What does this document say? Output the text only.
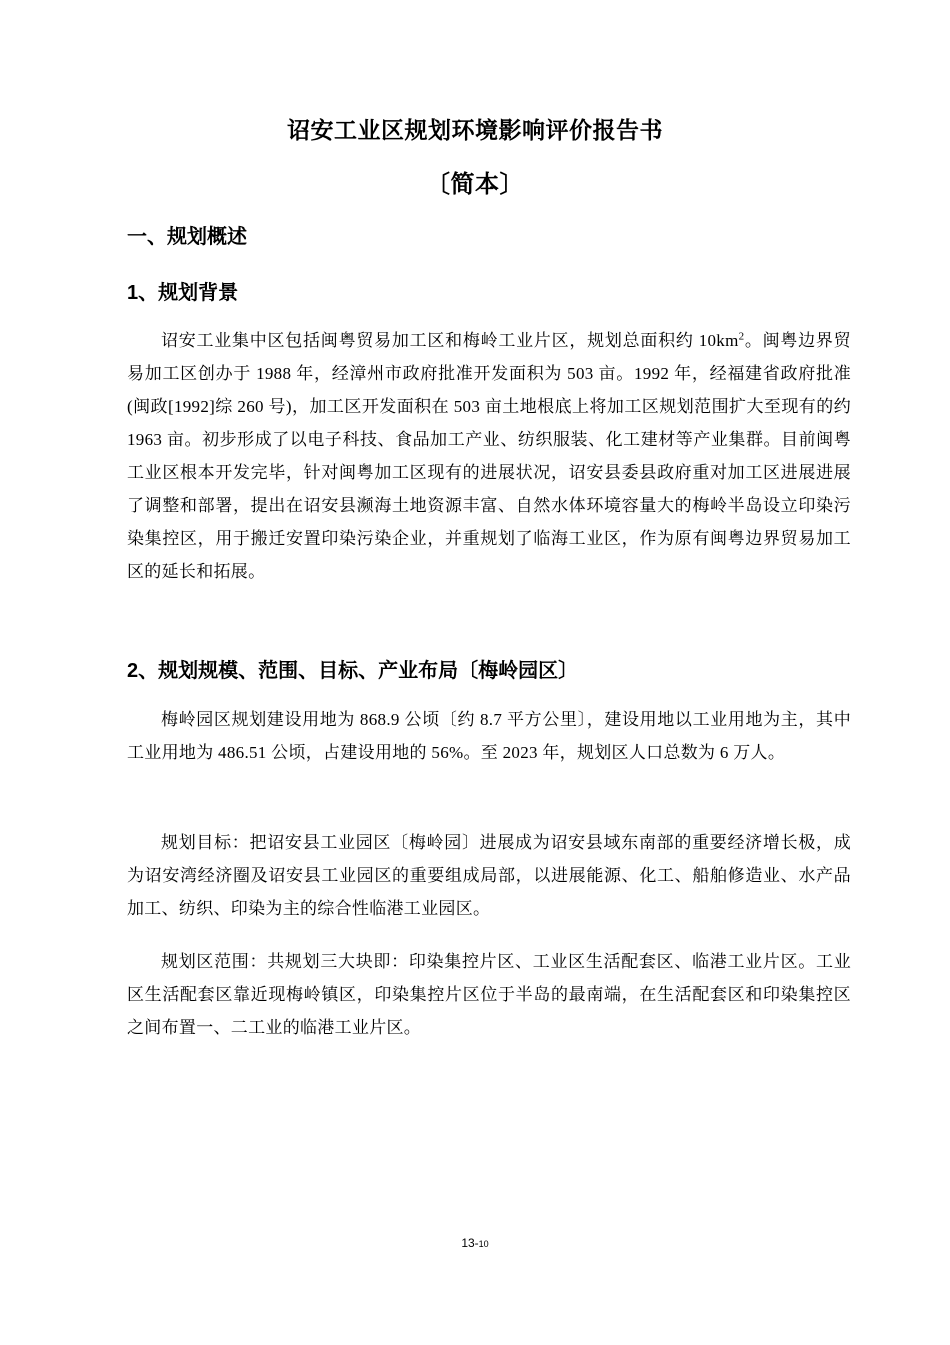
诏安工业区规划环境影响评价报告书
〔简本〕
一、规划概述
1、规划背景

诏安工业集中区包括闽粤贸易加工区和梅岭工业片区，规划总面积约 $10km^2$。闽粤边界贸易加工区创办于 1988 年，经漳州市政府批准开发面积为 503 亩。1992 年，经福建省政府批准(闽政[1992]综 260 号)，加工区开发面积在 503 亩土地根底上将加工区规划范围扩大至现有的约 1963 亩。初步形成了以电子科技、食品加工产业、纺织服装、化工建材等产业集群。目前闽粤工业区根本开发完毕，针对闽粤加工区现有的进展状况，诏安县委县政府重对加工区进展进展了调整和部署，提出在诏安县濒海土地资源丰富、自然水体环境容量大的梅岭半岛设立印染污染集控区，用于搬迁安置印染污染企业，并重规划了临海工业区，作为原有闽粤边界贸易加工区的延长和拓展。

2、规划规模、范围、目标、产业布局〔梅岭园区〕

梅岭园区规划建设用地为 868.9 公顷〔约 8.7 平方公里〕，建设用地以工业用地为主，其中工业用地为 486.51 公顷，占建设用地的 56%。至 2023 年，规划区人口总数为 6 万人。

规划目标：把诏安县工业园区〔梅岭园〕进展成为诏安县域东南部的重要经济增长极，成为诏安湾经济圈及诏安县工业园区的重要组成局部，以进展能源、化工、船舶修造业、水产品加工、纺织、印染为主的综合性临港工业园区。

规划区范围：共规划三大块即：印染集控片区、工业区生活配套区、临港工业片区。工业区生活配套区靠近现梅岭镇区，印染集控片区位于半岛的最南端，在生活配套区和印染集控区之间布置一、二工业的临港工业片区。

13-10
